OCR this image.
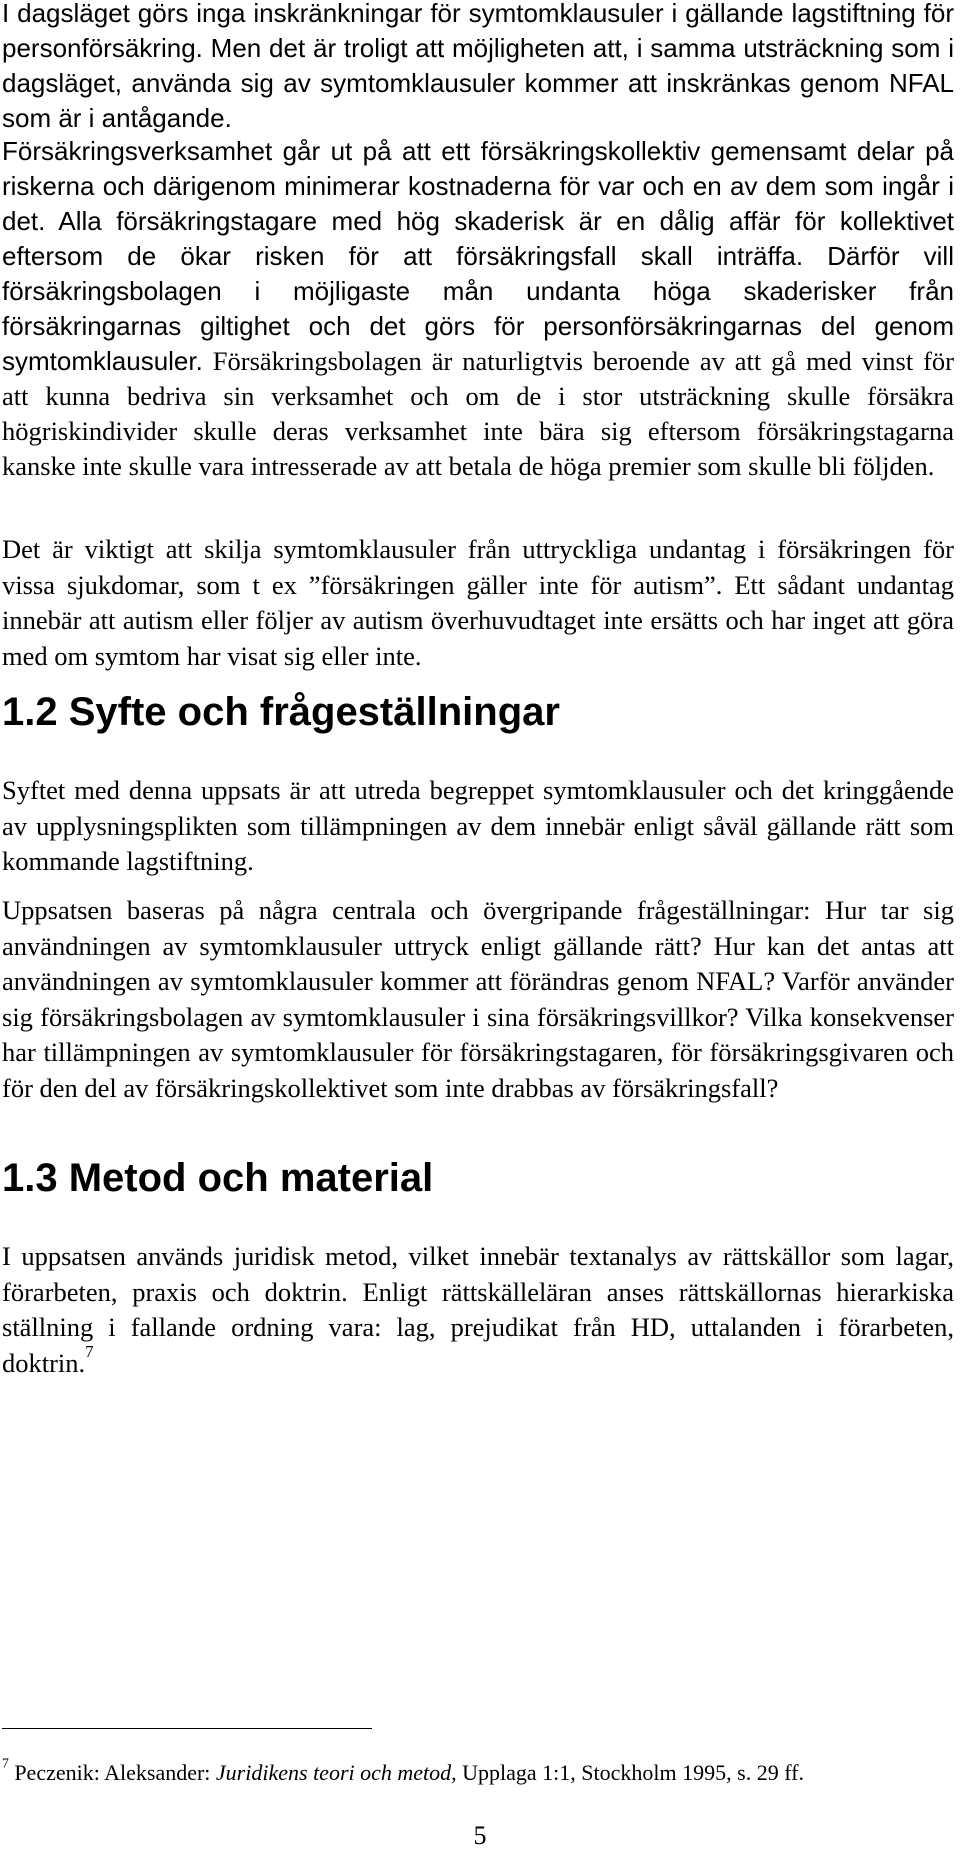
I dagsläget görs inga inskränkningar för symtomklausuler i gällande lagstiftning för personförsäkring. Men det är troligt att möjligheten att, i samma utsträckning som i dagsläget, använda sig av symtomklausuler kommer att inskränkas genom NFAL som är i antågande.

Försäkringsverksamhet går ut på att ett försäkringskollektiv gemensamt delar på riskerna och därigenom minimerar kostnaderna för var och en av dem som ingår i det. Alla försäkringstagare med hög skaderisk är en dålig affär för kollektivet eftersom de ökar risken för att försäkringsfall skall inträffa. Därför vill försäkringsbolagen i möjligaste mån undanta höga skaderisker från försäkringarnas giltighet och det görs för personförsäkringarnas del genom symtomklausuler. Försäkringsbolagen är naturligtvis beroende av att gå med vinst för att kunna bedriva sin verksamhet och om de i stor utsträckning skulle försäkra högriskindivider skulle deras verksamhet inte bära sig eftersom försäkringstagarna kanske inte skulle vara intresserade av att betala de höga premier som skulle bli följden.

Det är viktigt att skilja symtomklausuler från uttryckliga undantag i försäkringen för vissa sjukdomar, som t ex ”försäkringen gäller inte för autism”. Ett sådant undantag innebär att autism eller följer av autism överhuvudtaget inte ersätts och har inget att göra med om symtom har visat sig eller inte.

1.2 Syfte och frågeställningar

Syftet med denna uppsats är att utreda begreppet symtomklausuler och det kringgående av upplysningsplikten som tillämpningen av dem innebär enligt såväl gällande rätt som kommande lagstiftning.

Uppsatsen baseras på några centrala och övergripande frågeställningar: Hur tar sig användningen av symtomklausuler uttryck enligt gällande rätt? Hur kan det antas att användningen av symtomklausuler kommer att förändras genom NFAL? Varför använder sig försäkringsbolagen av symtomklausuler i sina försäkringsvillkor? Vilka konsekvenser har tillämpningen av symtomklausuler för försäkringstagaren, för försäkringsgivaren och för den del av försäkringskollektivet som inte drabbas av försäkringsfall?

1.3 Metod och material

I uppsatsen används juridisk metod, vilket innebär textanalys av rättskällor som lagar, förarbeten, praxis och doktrin. Enligt rättskälleläran anses rättskällornas hierarkiska ställning i fallande ordning vara: lag, prejudikat från HD, uttalanden i förarbeten, doktrin.$^7$

$^7$ Peczenik: Aleksander: Juridikens teori och metod, Upplaga 1:1, Stockholm 1995, s. 29 ff.

5
